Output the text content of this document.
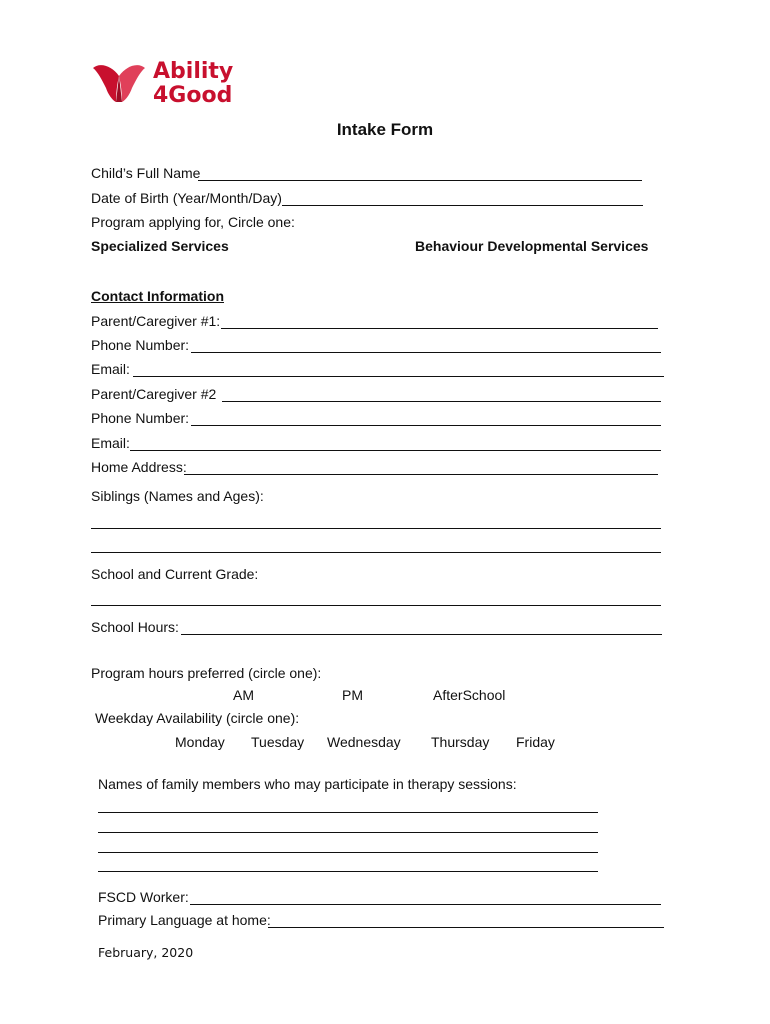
Ability
4Good
Intake Form
Child’s Full Name
Date of Birth (Year/Month/Day)
Program applying for, Circle one:
Specialized Services	Behaviour Developmental Services
Contact Information
Parent/Caregiver #1:
Phone Number:
Email:
Parent/Caregiver #2
Phone Number:
Email:
Home Address:
Siblings (Names and Ages):
School and Current Grade:
School Hours:
Program hours preferred (circle one):
AM	PM	AfterSchool
Weekday Availability (circle one):
Monday Tuesday Wednesday Thursday Friday
Names of family members who may participate in therapy sessions:
FSCD Worker:
Primary Language at home:
February, 2020
